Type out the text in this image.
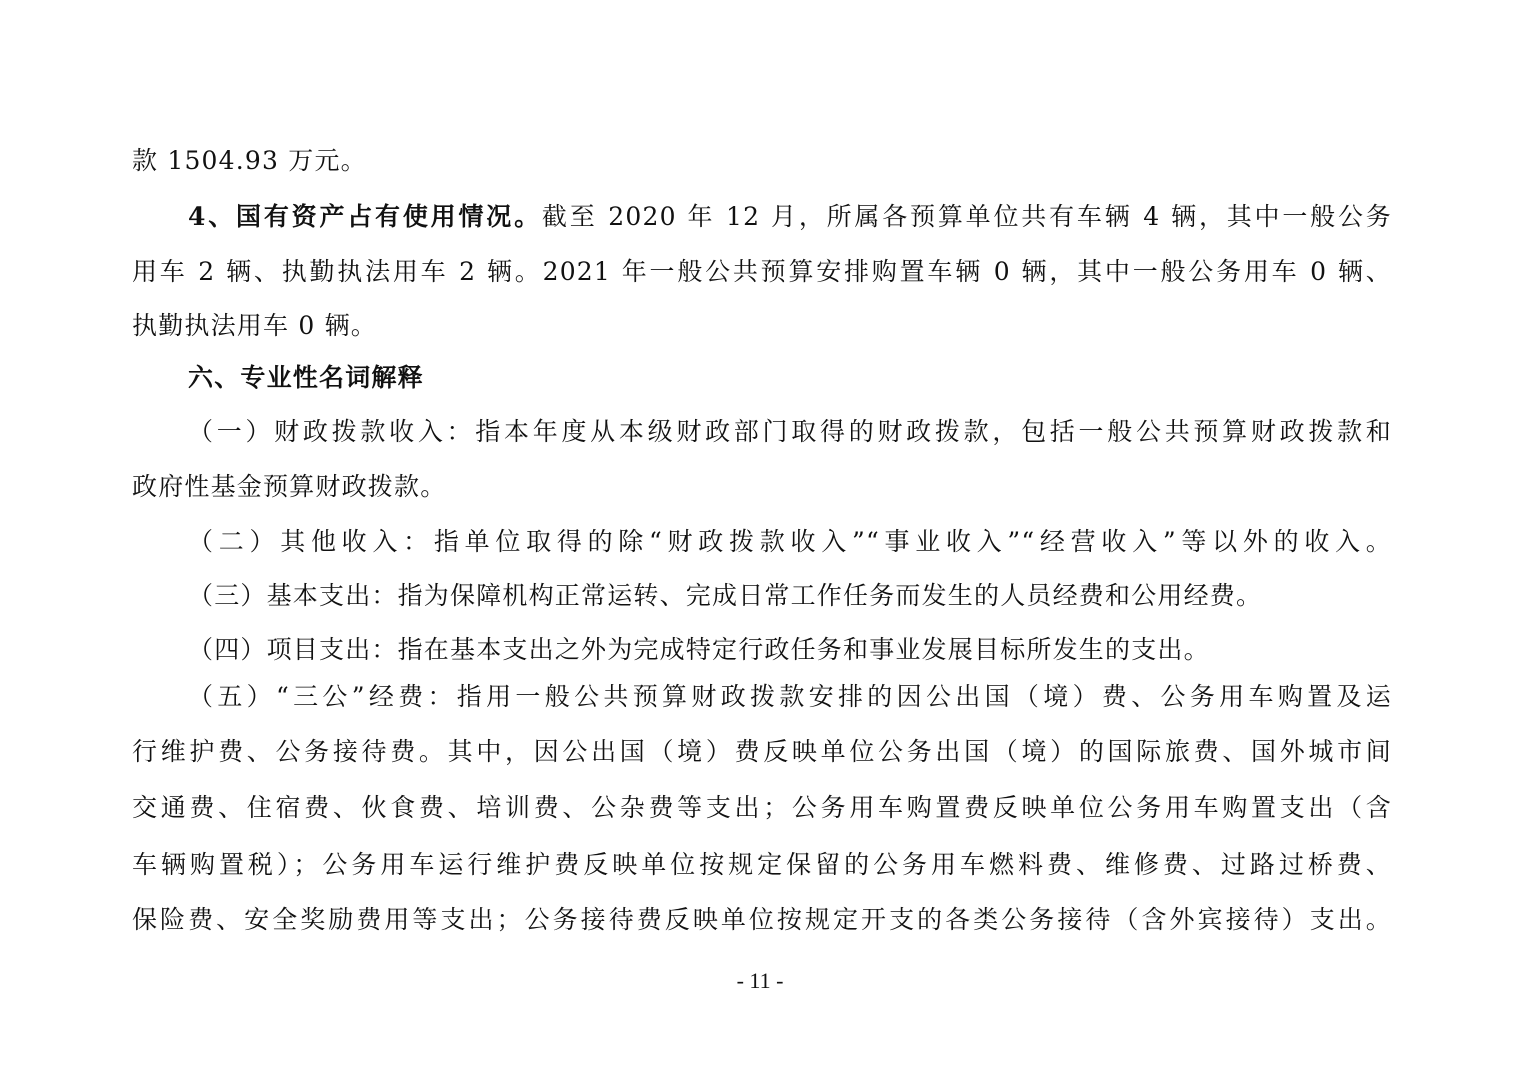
款 1504.93 万元。
4、国有资产占有使用情况。截至 2020 年 12 月，所属各预算单位共有车辆 4 辆，其中一般公务
用车 2 辆、执勤执法用车 2 辆。2021 年一般公共预算安排购置车辆 0 辆，其中一般公务用车 0 辆、
执勤执法用车 0 辆。
六、专业性名词解释
（一）财政拨款收入：指本年度从本级财政部门取得的财政拨款，包括一般公共预算财政拨款和
政府性基金预算财政拨款。
（二）其他收入：指单位取得的除“财政拨款收入”“事业收入”“经营收入”等以外的收入。
（三）基本支出：指为保障机构正常运转、完成日常工作任务而发生的人员经费和公用经费。
（四）项目支出：指在基本支出之外为完成特定行政任务和事业发展目标所发生的支出。
（五）“三公”经费：指用一般公共预算财政拨款安排的因公出国（境）费、公务用车购置及运
行维护费、公务接待费。其中，因公出国（境）费反映单位公务出国（境）的国际旅费、国外城市间
交通费、住宿费、伙食费、培训费、公杂费等支出；公务用车购置费反映单位公务用车购置支出（含
车辆购置税）；公务用车运行维护费反映单位按规定保留的公务用车燃料费、维修费、过路过桥费、
保险费、安全奖励费用等支出；公务接待费反映单位按规定开支的各类公务接待（含外宾接待）支出。
- 11 -
